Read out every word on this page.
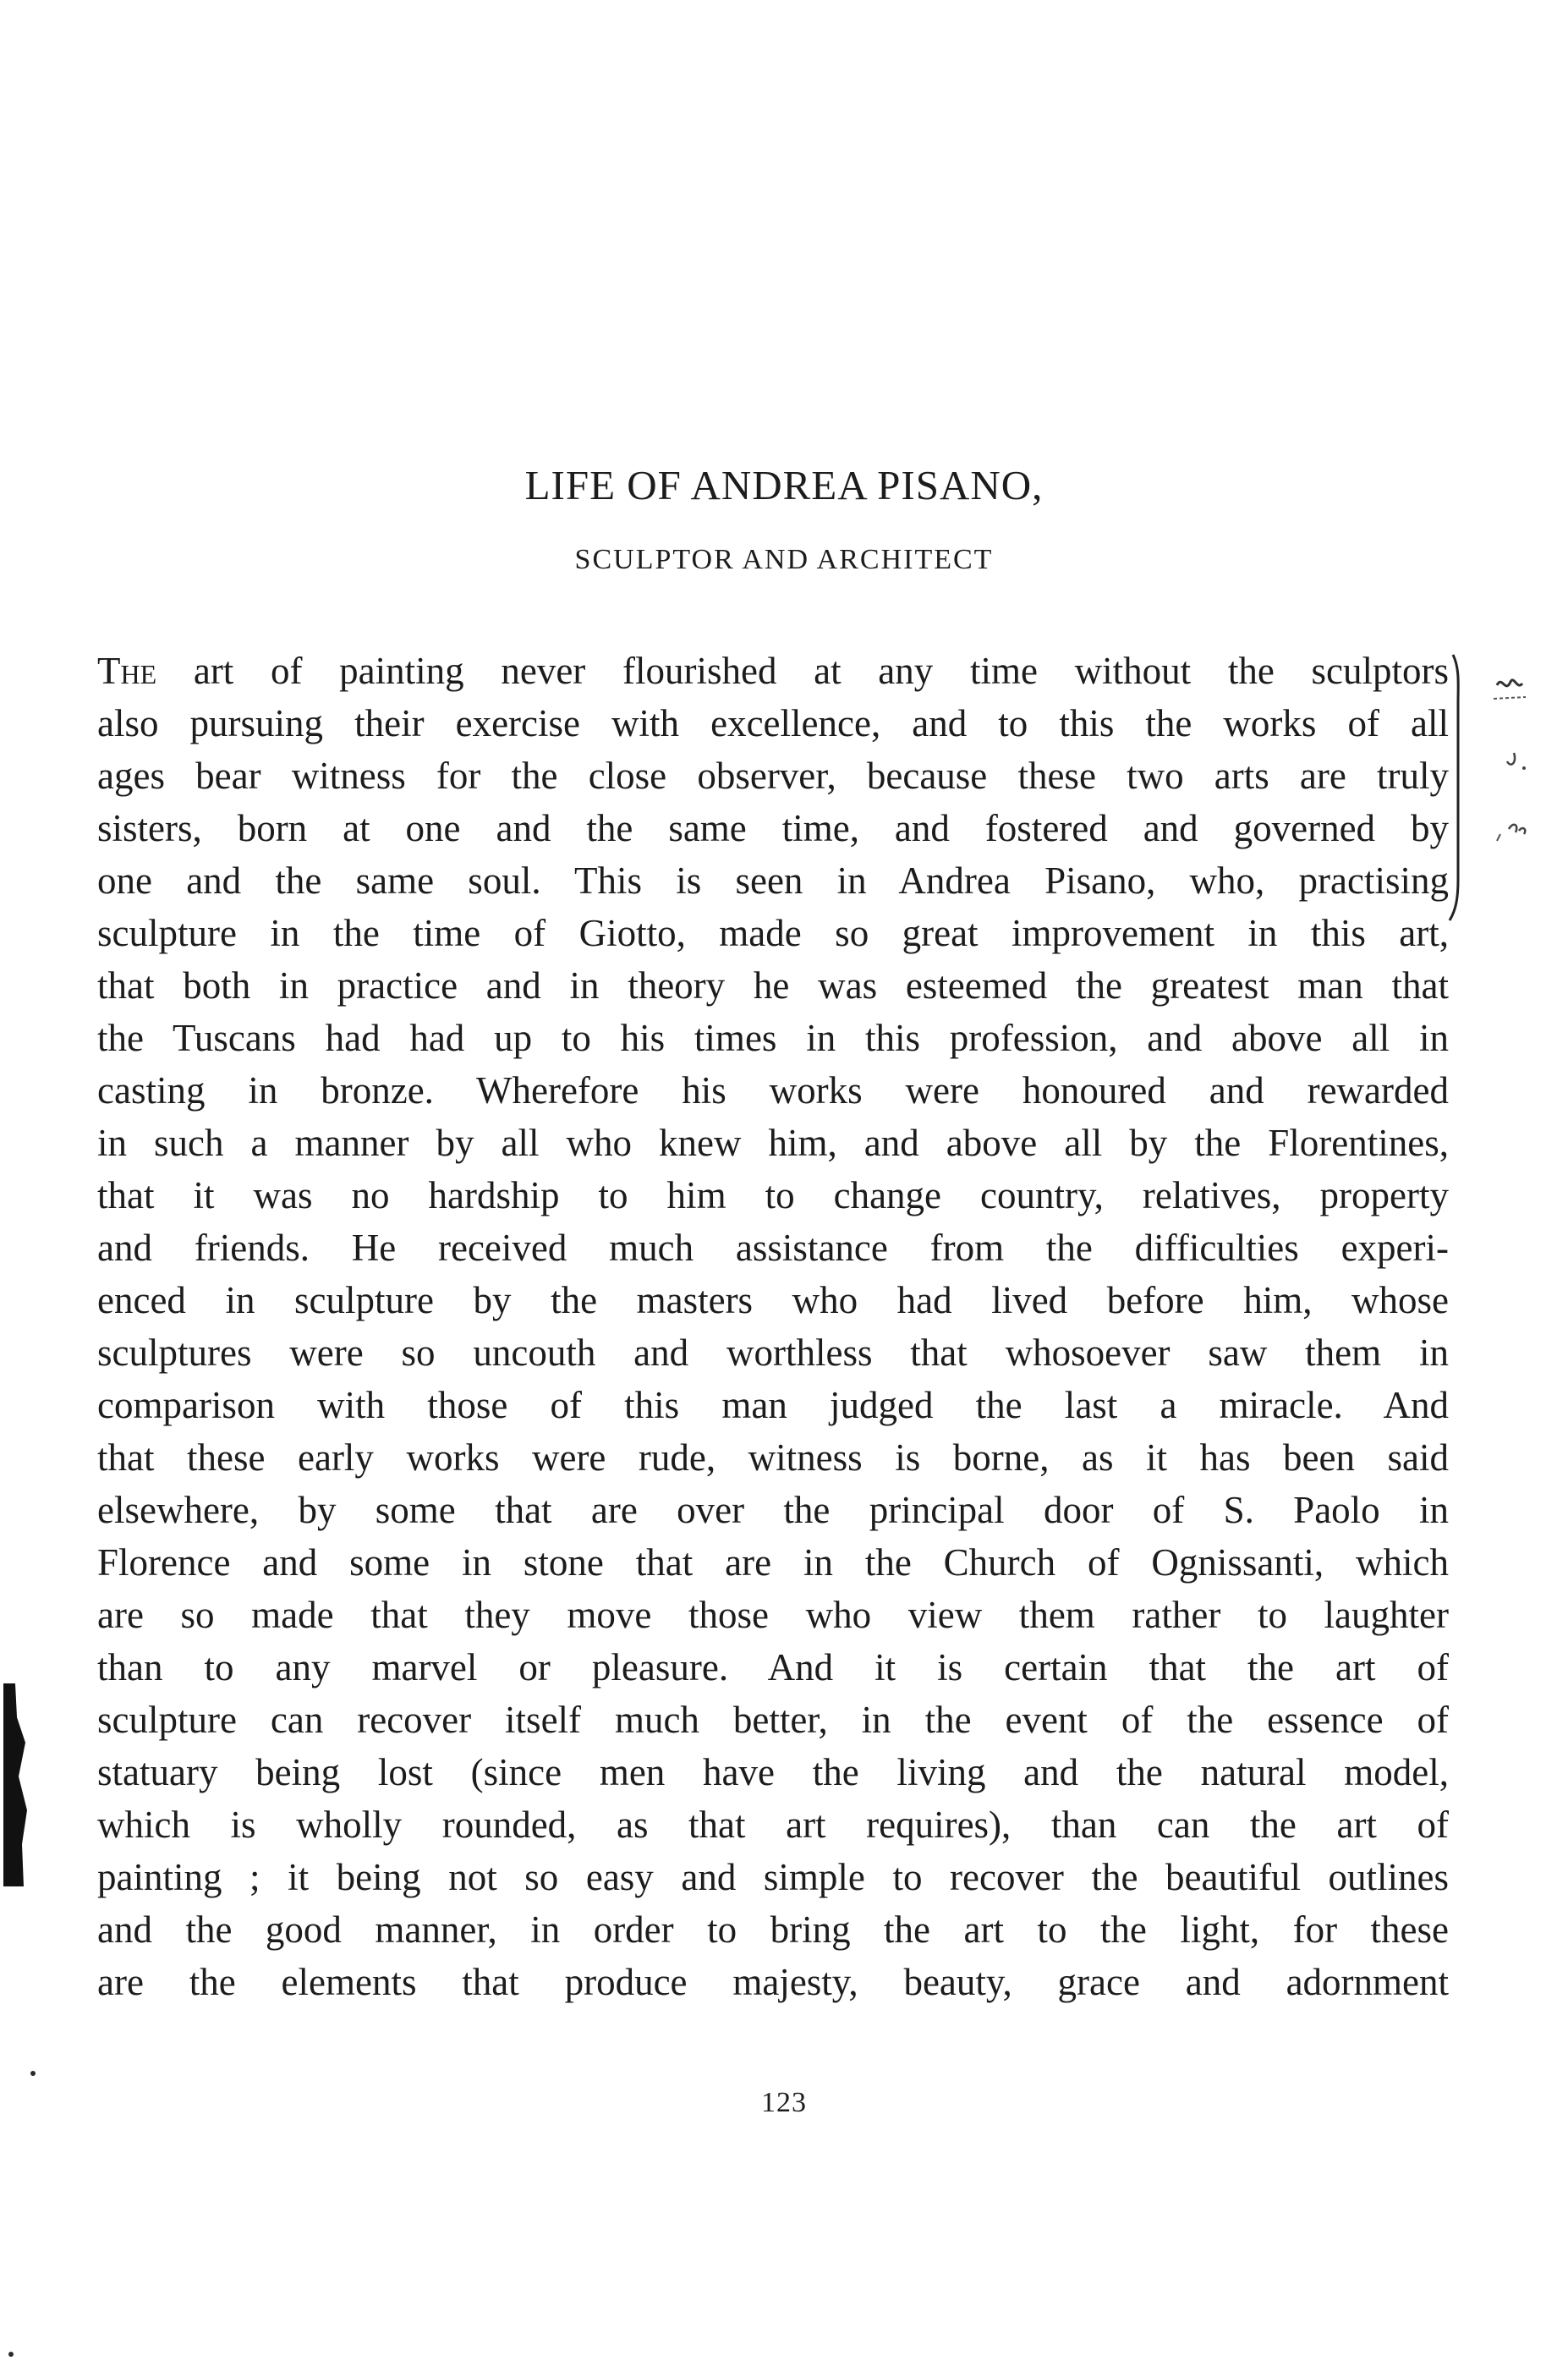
LIFE OF ANDREA PISANO,
SCULPTOR AND ARCHITECT
The art of painting never flourished at any time without the sculptors
also pursuing their exercise with excellence, and to this the works of all
ages bear witness for the close observer, because these two arts are truly
sisters, born at one and the same time, and fostered and governed by
one and the same soul. This is seen in Andrea Pisano, who, practising
sculpture in the time of Giotto, made so great improvement in this art,
that both in practice and in theory he was esteemed the greatest man that
the Tuscans had had up to his times in this profession, and above all in
casting in bronze. Wherefore his works were honoured and rewarded
in such a manner by all who knew him, and above all by the Florentines,
that it was no hardship to him to change country, relatives, property
and friends. He received much assistance from the difficulties experi-
enced in sculpture by the masters who had lived before him, whose
sculptures were so uncouth and worthless that whosoever saw them in
comparison with those of this man judged the last a miracle. And
that these early works were rude, witness is borne, as it has been said
elsewhere, by some that are over the principal door of S. Paolo in
Florence and some in stone that are in the Church of Ognissanti, which
are so made that they move those who view them rather to laughter
than to any marvel or pleasure. And it is certain that the art of
sculpture can recover itself much better, in the event of the essence of
statuary being lost (since men have the living and the natural model,
which is wholly rounded, as that art requires), than can the art of
painting ; it being not so easy and simple to recover the beautiful outlines
and the good manner, in order to bring the art to the light, for these
are the elements that produce majesty, beauty, grace and adornment
123
